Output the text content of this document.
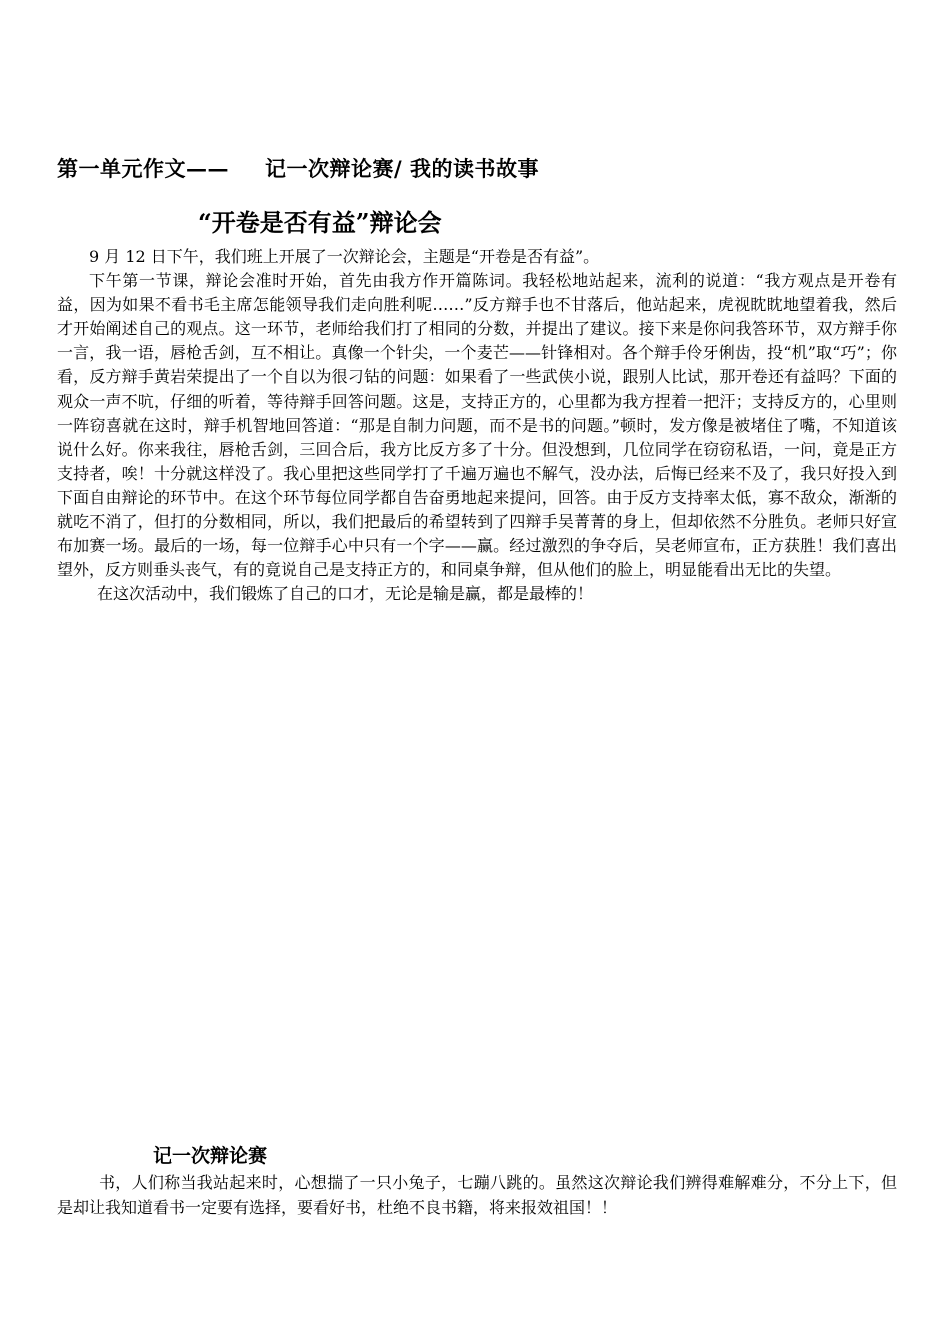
第一单元作文—— 记一次辩论赛/ 我的读书故事
“开卷是否有益”辩论会

9 月 12 日下午，我们班上开展了一次辩论会，主题是“开卷是否有益”。

下午第一节课，辩论会准时开始，首先由我方作开篇陈词。我轻松地站起来，流利的说道：“我方观点是开卷有益，因为如果不看书毛主席怎能领导我们走向胜利呢……”反方辩手也不甘落后，他站起来，虎视眈眈地望着我，然后才开始阐述自己的观点。这一环节，老师给我们打了相同的分数，并提出了建议。接下来是你问我答环节，双方辩手你一言，我一语，唇枪舌剑，互不相让。真像一个针尖，一个麦芒——针锋相对。各个辩手伶牙俐齿，投“机”取“巧”；你看，反方辩手黄岩荣提出了一个自以为很刁钻的问题：如果看了一些武侠小说，跟别人比试，那开卷还有益吗？下面的观众一声不吭，仔细的听着，等待辩手回答问题。这是，支持正方的，心里都为我方捏着一把汗；支持反方的，心里则一阵窃喜就在这时，辩手机智地回答道：“那是自制力问题，而不是书的问题。”顿时，发方像是被堵住了嘴，不知道该说什么好。你来我往，唇枪舌剑，三回合后，我方比反方多了十分。但没想到，几位同学在窃窃私语，一问，竟是正方支持者，唉！十分就这样没了。我心里把这些同学打了千遍万遍也不解气，没办法，后悔已经来不及了，我只好投入到下面自由辩论的环节中。在这个环节每位同学都自告奋勇地起来提问，回答。由于反方支持率太低，寡不敌众，渐渐的就吃不消了，但打的分数相同，所以，我们把最后的希望转到了四辩手吴菁菁的身上，但却依然不分胜负。老师只好宣布加赛一场。最后的一场，每一位辩手心中只有一个字——赢。经过激烈的争夺后，吴老师宣布，正方获胜！我们喜出望外，反方则垂头丧气，有的竟说自己是支持正方的，和同桌争辩，但从他们的脸上，明显能看出无比的失望。

在这次活动中，我们锻炼了自己的口才，无论是输是赢，都是最棒的！

记一次辩论赛

书，人们称当我站起来时，心想揣了一只小兔子，七蹦八跳的。虽然这次辩论我们辨得难解难分，不分上下，但是却让我知道看书一定要有选择，要看好书，杜绝不良书籍，将来报效祖国！！
